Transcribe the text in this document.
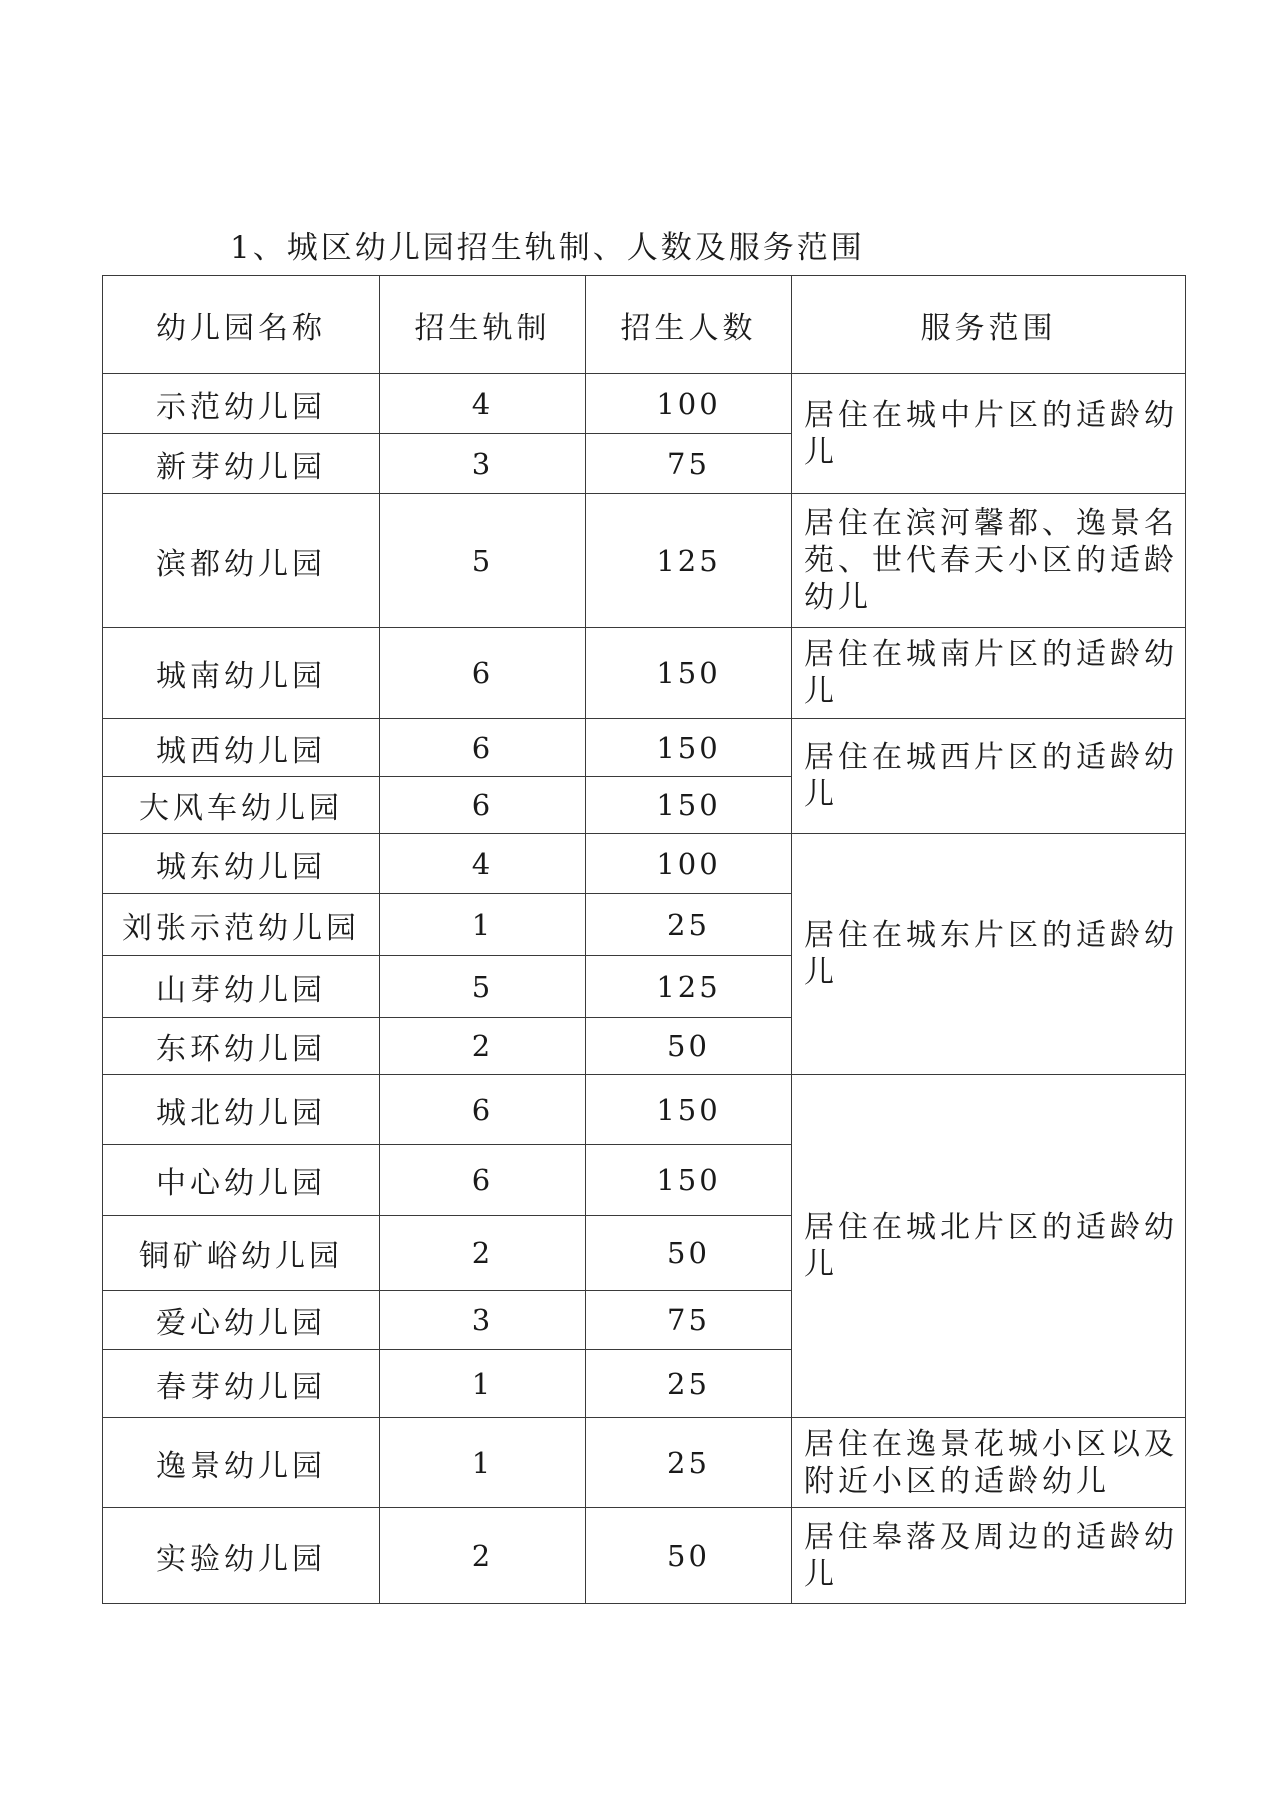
1、城区幼儿园招生轨制、人数及服务范围
幼儿园名称	招生轨制	招生人数	服务范围
示范幼儿园	4	100	居住在城中片区的适龄幼儿
新芽幼儿园	3	75	
滨都幼儿园	5	125	居住在滨河馨都、逸景名苑、世代春天小区的适龄幼儿
城南幼儿园	6	150	居住在城南片区的适龄幼儿
城西幼儿园	6	150	居住在城西片区的适龄幼儿
大风车幼儿园	6	150	
城东幼儿园	4	100	居住在城东片区的适龄幼儿
刘张示范幼儿园	1	25	
山芽幼儿园	5	125	
东环幼儿园	2	50	
城北幼儿园	6	150	居住在城北片区的适龄幼儿
中心幼儿园	6	150	
铜矿峪幼儿园	2	50	
爱心幼儿园	3	75	
春芽幼儿园	1	25	
逸景幼儿园	1	25	居住在逸景花城小区以及附近小区的适龄幼儿
实验幼儿园	2	50	居住皋落及周边的适龄幼儿
